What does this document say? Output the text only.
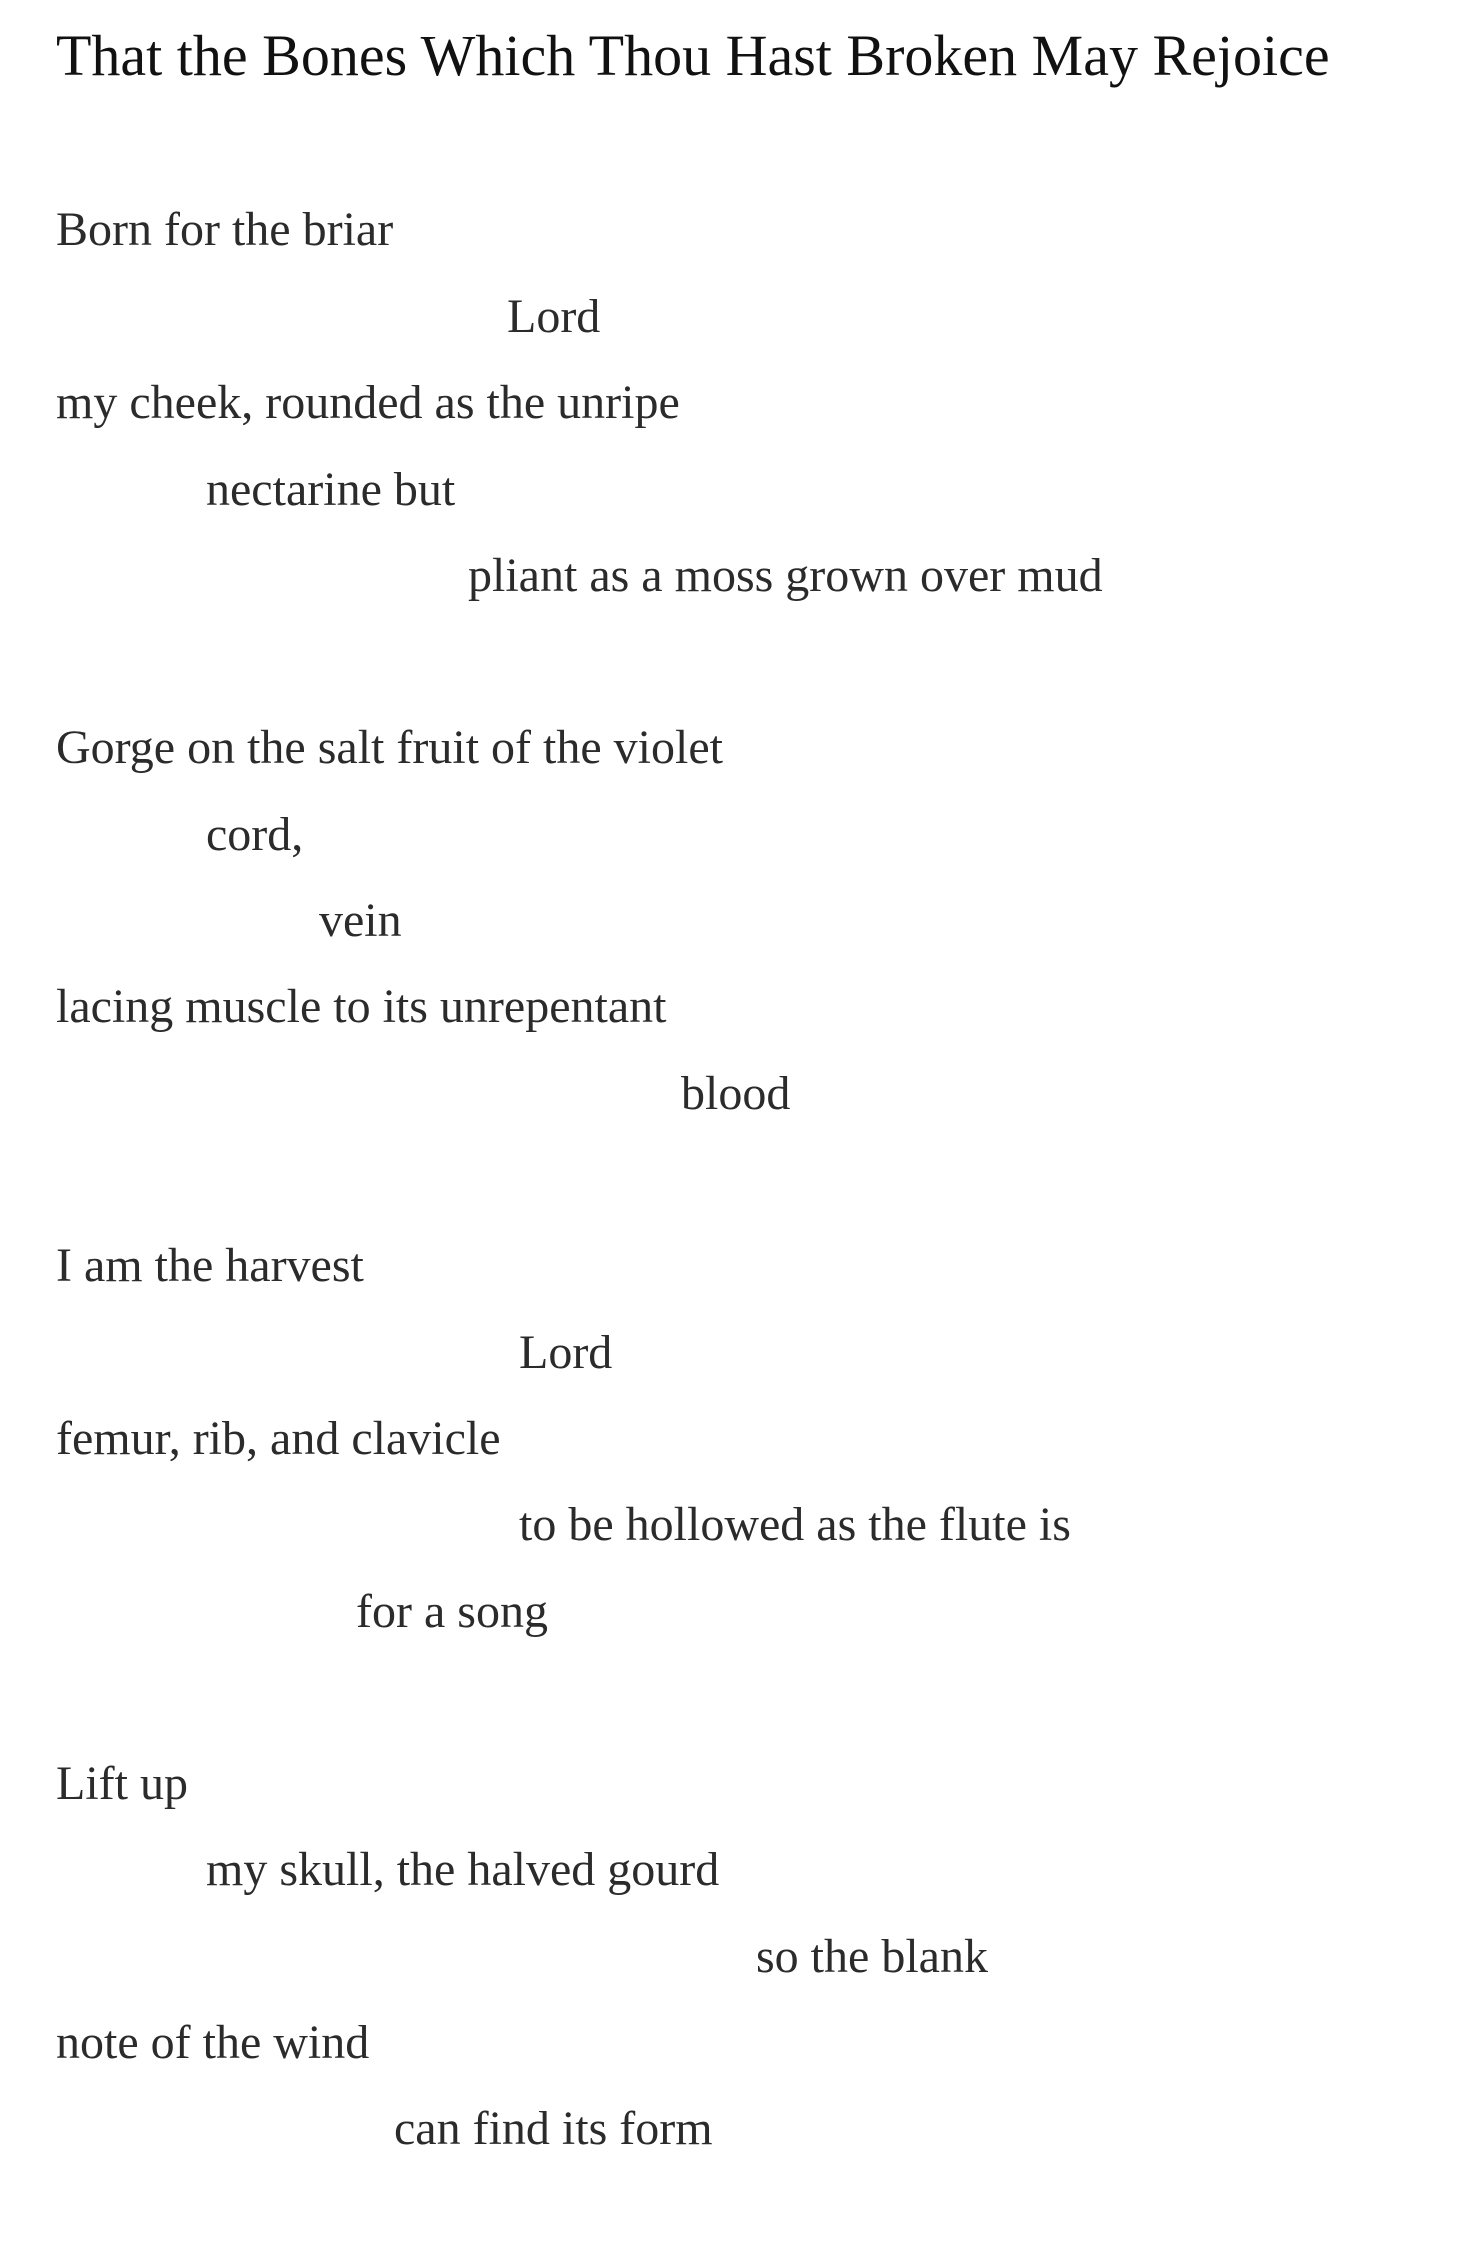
That the Bones Which Thou Hast Broken May Rejoice
Born for the briar
Lord
my cheek, rounded as the unripe
nectarine but
pliant as a moss grown over mud
Gorge on the salt fruit of the violet
cord,
vein
lacing muscle to its unrepentant
blood
I am the harvest
Lord
femur, rib, and clavicle
to be hollowed as the flute is
for a song
Lift up
my skull, the halved gourd
so the blank
note of the wind
can find its form
